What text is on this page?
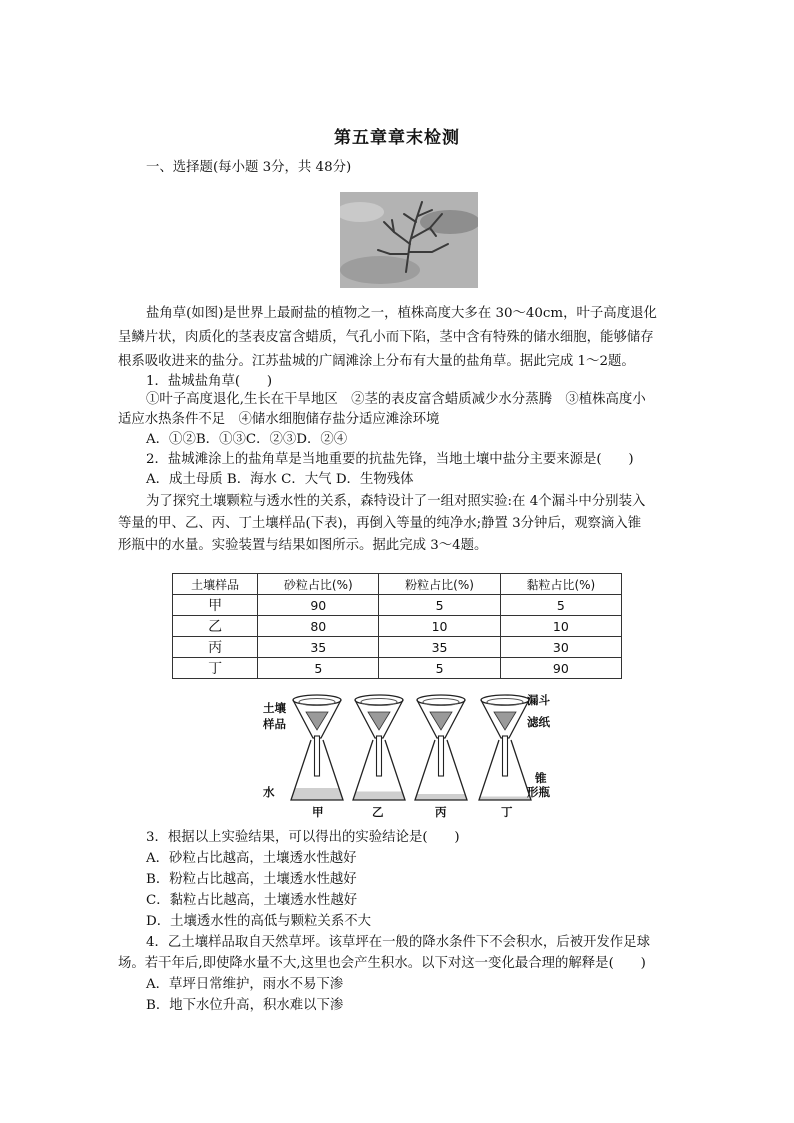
第五章章末检测
一、选择题(每小题 3分，共 48分)
盐角草(如图)是世界上最耐盐的植物之一，植株高度大多在 30～40cm，叶子高度退化
呈鳞片状，肉质化的茎表皮富含蜡质，气孔小而下陷，茎中含有特殊的储水细胞，能够储存
根系吸收进来的盐分。江苏盐城的广阔滩涂上分布有大量的盐角草。据此完成 1～2题。
1．盐城盐角草(　　)
①叶子高度退化,生长在干旱地区　②茎的表皮富含蜡质减少水分蒸腾　③植株高度小
适应水热条件不足　④储水细胞储存盐分适应滩涂环境
A．①②B．①③C．②③D．②④
2．盐城滩涂上的盐角草是当地重要的抗盐先锋，当地土壤中盐分主要来源是(　　)
A．成土母质 B．海水 C．大气 D．生物残体
为了探究土壤颗粒与透水性的关系，森特设计了一组对照实验:在 4个漏斗中分别装入
等量的甲、乙、丙、丁土壤样品(下表)，再倒入等量的纯净水;静置 3分钟后，观察滴入锥
形瓶中的水量。实验装置与结果如图所示。据此完成 3～4题。
土壤样品	砂粒占比(%)	粉粒占比(%)	黏粒占比(%)
甲	90	5	5
乙	80	10	10
丙	35	35	30
丁	5	5	90
土壤
样品
水
漏斗
滤纸
锥
形瓶
甲	乙	丙	丁
3．根据以上实验结果，可以得出的实验结论是(　　)
A．砂粒占比越高，土壤透水性越好
B．粉粒占比越高，土壤透水性越好
C．黏粒占比越高，土壤透水性越好
D．土壤透水性的高低与颗粒关系不大
4．乙土壤样品取自天然草坪。该草坪在一般的降水条件下不会积水，后被开发作足球
场。若干年后,即使降水量不大,这里也会产生积水。以下对这一变化最合理的解释是(　　)
A．草坪日常维护，雨水不易下渗
B．地下水位升高，积水难以下渗
